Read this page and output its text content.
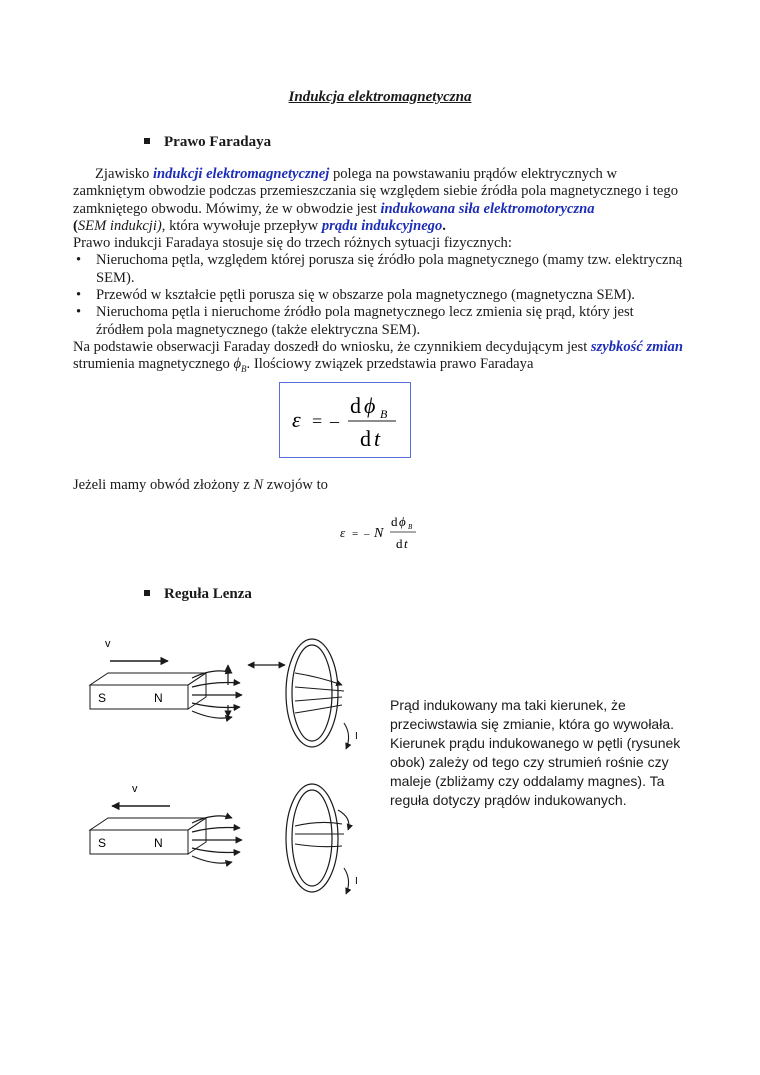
Indukcja elektromagnetyczna
Prawo Faradaya

Zjawisko indukcji elektromagnetycznej polega na powstawaniu prądów elektrycznych w zamkniętym obwodzie podczas przemieszczania się względem siebie źródła pola magnetycznego i tego zamkniętego obwodu. Mówimy, że w obwodzie jest indukowana siła elektromotoryczna
(SEM indukcji), która wywołuje przepływ prądu indukcyjnego.

Prawo indukcji Faradaya stosuje się do trzech różnych sytuacji fizycznych:

• Nieruchoma pętla, względem której porusza się źródło pola magnetycznego (mamy tzw. elektryczną SEM).
• Przewód w kształcie pętli porusza się w obszarze pola magnetycznego (magnetyczna SEM).
• Nieruchoma pętla i nieruchome źródło pola magnetycznego lecz zmienia się prąd, który jest źródłem pola magnetycznego (także elektryczna SEM).

Na podstawie obserwacji Faraday doszedł do wniosku, że czynnikiem decydującym jest szybkość zmian strumienia magnetycznego $\phi_B$. Ilościowy związek przedstawia prawo Faradaya

ε = –
d ϕ B
d t
Jeżeli mamy obwód złożony z N zwojów to
ε = – N
d ϕ B
d t
Reguła Lenza
v
S	N
I
v
S	N
I
Prąd indukowany ma taki kierunek, że przeciwstawia się zmianie, która go wywołała. Kierunek prądu indukowanego w pętli (rysunek obok) zależy od tego czy strumień rośnie czy maleje (zbliżamy czy oddalamy magnes). Ta reguła dotyczy prądów indukowanych.
